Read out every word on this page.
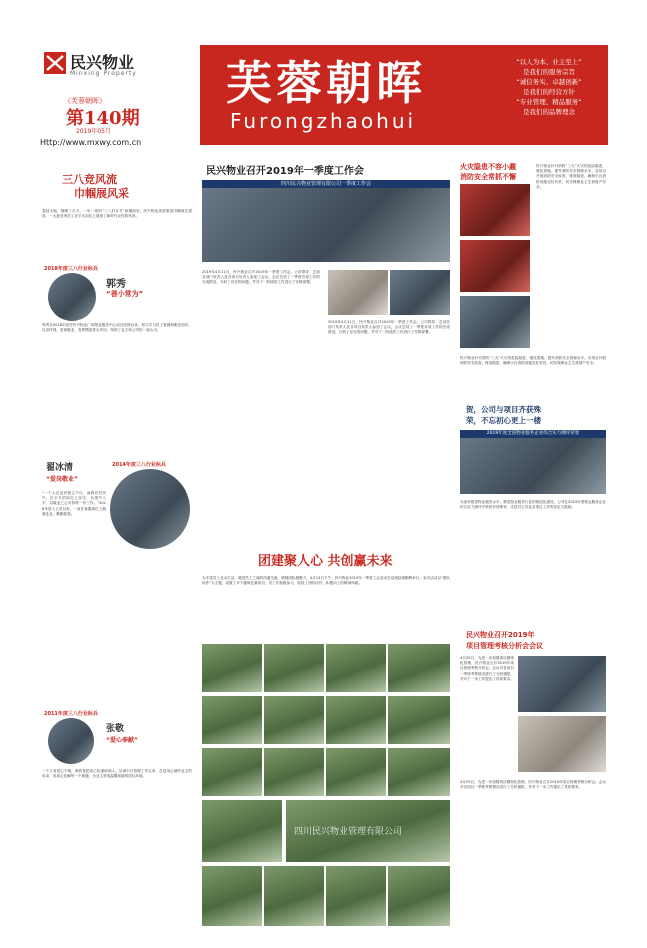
民兴物业
Minxing Property
《芙蓉朝晖》
第140期
2019年05月
Http://www.mxwy.com.cn
芙蓉朝晖
Furongzhaohui
“以人为本、业主至上”
是我们的服务宗旨
“诚信务实、卓越创新”
是我们的经营方针
“专业管理、精品服务”
是我们的品牌理念
三八竞风流
巾帼展风采
春回大地，情暖三月天。一年一度的“三八妇女节”如期而至。民兴物业高度重视巾帼岗位建设，一大批优秀员工在平凡岗位上展现了新时代女性的风采。
2018年度三八行业标兵
郭秀
“善小常为”
郭秀自2018年担任民兴物业广场物业服务中心项目经理以来，努力学习员工管理和服务知识，以身作则，爱岗敬业，发挥模范带头作用，得到了业主和公司的一致认可。
翟冰清
“爱岗敬业”
2014年度三八行业标兵
“一个人还没有独立不行，而我们有民兴，在平凡的岗位上坚守，从细节入手，以敬业之心对待每一份工作。”2016年进入公司以来，一直在客服岗位上兢兢业业、勤勤恳恳。
2011年度三八行业标兵
张敬
“爱心奉献”
一个人有爱心不难，难的是把爱心传递给别人。从事小区管理工作以来，总是用心倾听业主的诉求，用真心化解每一个难题，为业主营造温馨和谐的居住环境。
民兴物业召开2019年一季度工作会
四川民兴物业管理有限公司一季度工作会
2019年4月11日，民兴物业召开2019年一季度工作会。公司领导、总部各部门负责人及各项目负责人参加了会议。会议总结了一季度各项工作的完成情况，分析了存在的问题，并对下一阶段的工作进行了安排部署。
2019年4月11日，民兴物业召开2019年一季度工作会。公司领导、总部各部门负责人及各项目负责人参加了会议。会议总结了一季度各项工作的完成情况，分析了存在的问题，并对下一阶段的工作进行了安排部署。
团建聚人心 共创赢未来
为丰富员工业余生活，增进员工之间的沟通交流，增强团队凝聚力，4月13日下午，民兴物业2019年一季度工会活动在双流县城顺利举行。本次活动以“团队协作”为主题，设置了多个趣味比赛项目，员工们积极参与，展现了团结协作、积极向上的精神风貌。
四川民兴物业管理有限公司
火灾隐患不容小觑
消防安全常抓不懈
民兴物业针对消防“三大”火灾的危险隐患，强化措施，提升消防安全管理水平。各项目开展消防安全检查，排查隐患，确保小区消防设施完好有效，切实保障业主生命财产安全。
民兴物业针对消防“三大”火灾的危险隐患，强化措施，提升消防安全管理水平。各项目开展消防安全检查，排查隐患，确保小区消防设施完好有效，切实保障业主生命财产安全。
贺，公司与项目齐获殊
荣，不忘初心更上一楼
2019年度全国物业服务企业综合实力测评荣誉
为加快推进物业服务水平，推进物业服务行业的规范化建设，公司在2019年度物业服务企业综合实力测评中荣获多项殊荣，这是对公司及各项目工作的肯定与鼓励。
民兴物业召开2019年
项目管理考核分析会会议
4月25日，为进一步加强项目精细化管理，民兴物业召开2019年项目管理考核分析会。会议对各项目一季度考核情况进行了分析通报，并对下一步工作提出了具体要求。
4月25日，为进一步加强项目精细化管理，民兴物业召开2019年项目管理考核分析会。会议对各项目一季度考核情况进行了分析通报，并对下一步工作提出了具体要求。
